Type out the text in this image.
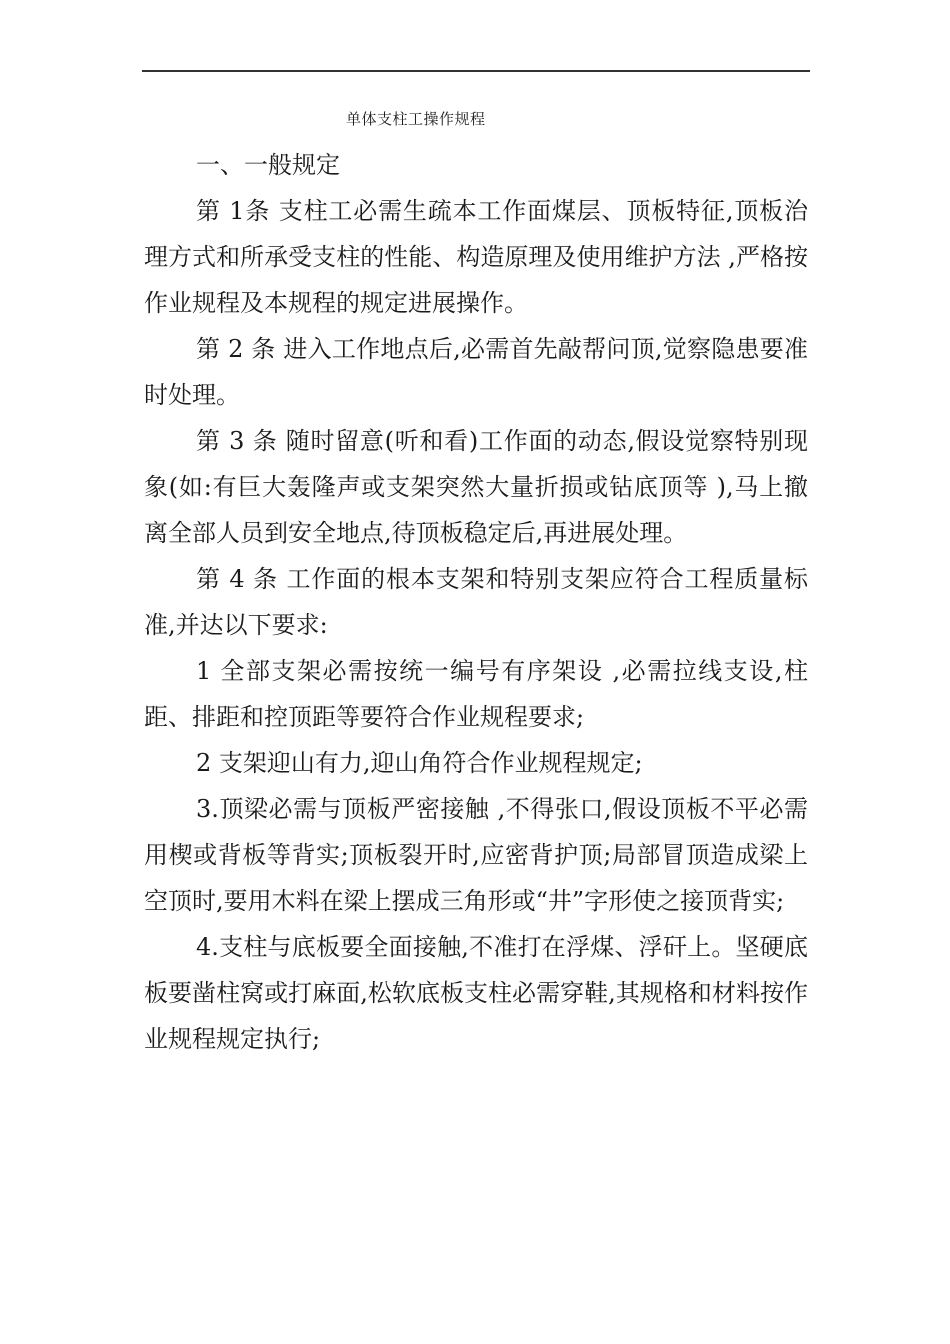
单体支柱工操作规程

一、一般规定

第 1条 支柱工必需生疏本工作面煤层、顶板特征,顶板治理方式和所承受支柱的性能、构造原理及使用维护方法 ,严格按作业规程及本规程的规定进展操作。

第 2 条 进入工作地点后,必需首先敲帮问顶,觉察隐患要准时处理。

第 3 条 随时留意(听和看)工作面的动态,假设觉察特别现象(如:有巨大轰隆声或支架突然大量折损或钻底顶等 ),马上撤离全部人员到安全地点,待顶板稳定后,再进展处理。

第 4 条 工作面的根本支架和特别支架应符合工程质量标准,并达以下要求:

1 全部支架必需按统一编号有序架设 ,必需拉线支设,柱距、排距和控顶距等要符合作业规程要求;

2 支架迎山有力,迎山角符合作业规程规定;

3.顶梁必需与顶板严密接触 ,不得张口,假设顶板不平必需用楔或背板等背实;顶板裂开时,应密背护顶;局部冒顶造成梁上空顶时,要用木料在梁上摆成三角形或“井”字形使之接顶背实;

4.支柱与底板要全面接触,不准打在浮煤、浮矸上。坚硬底板要凿柱窝或打麻面,松软底板支柱必需穿鞋,其规格和材料按作业规程规定执行;
